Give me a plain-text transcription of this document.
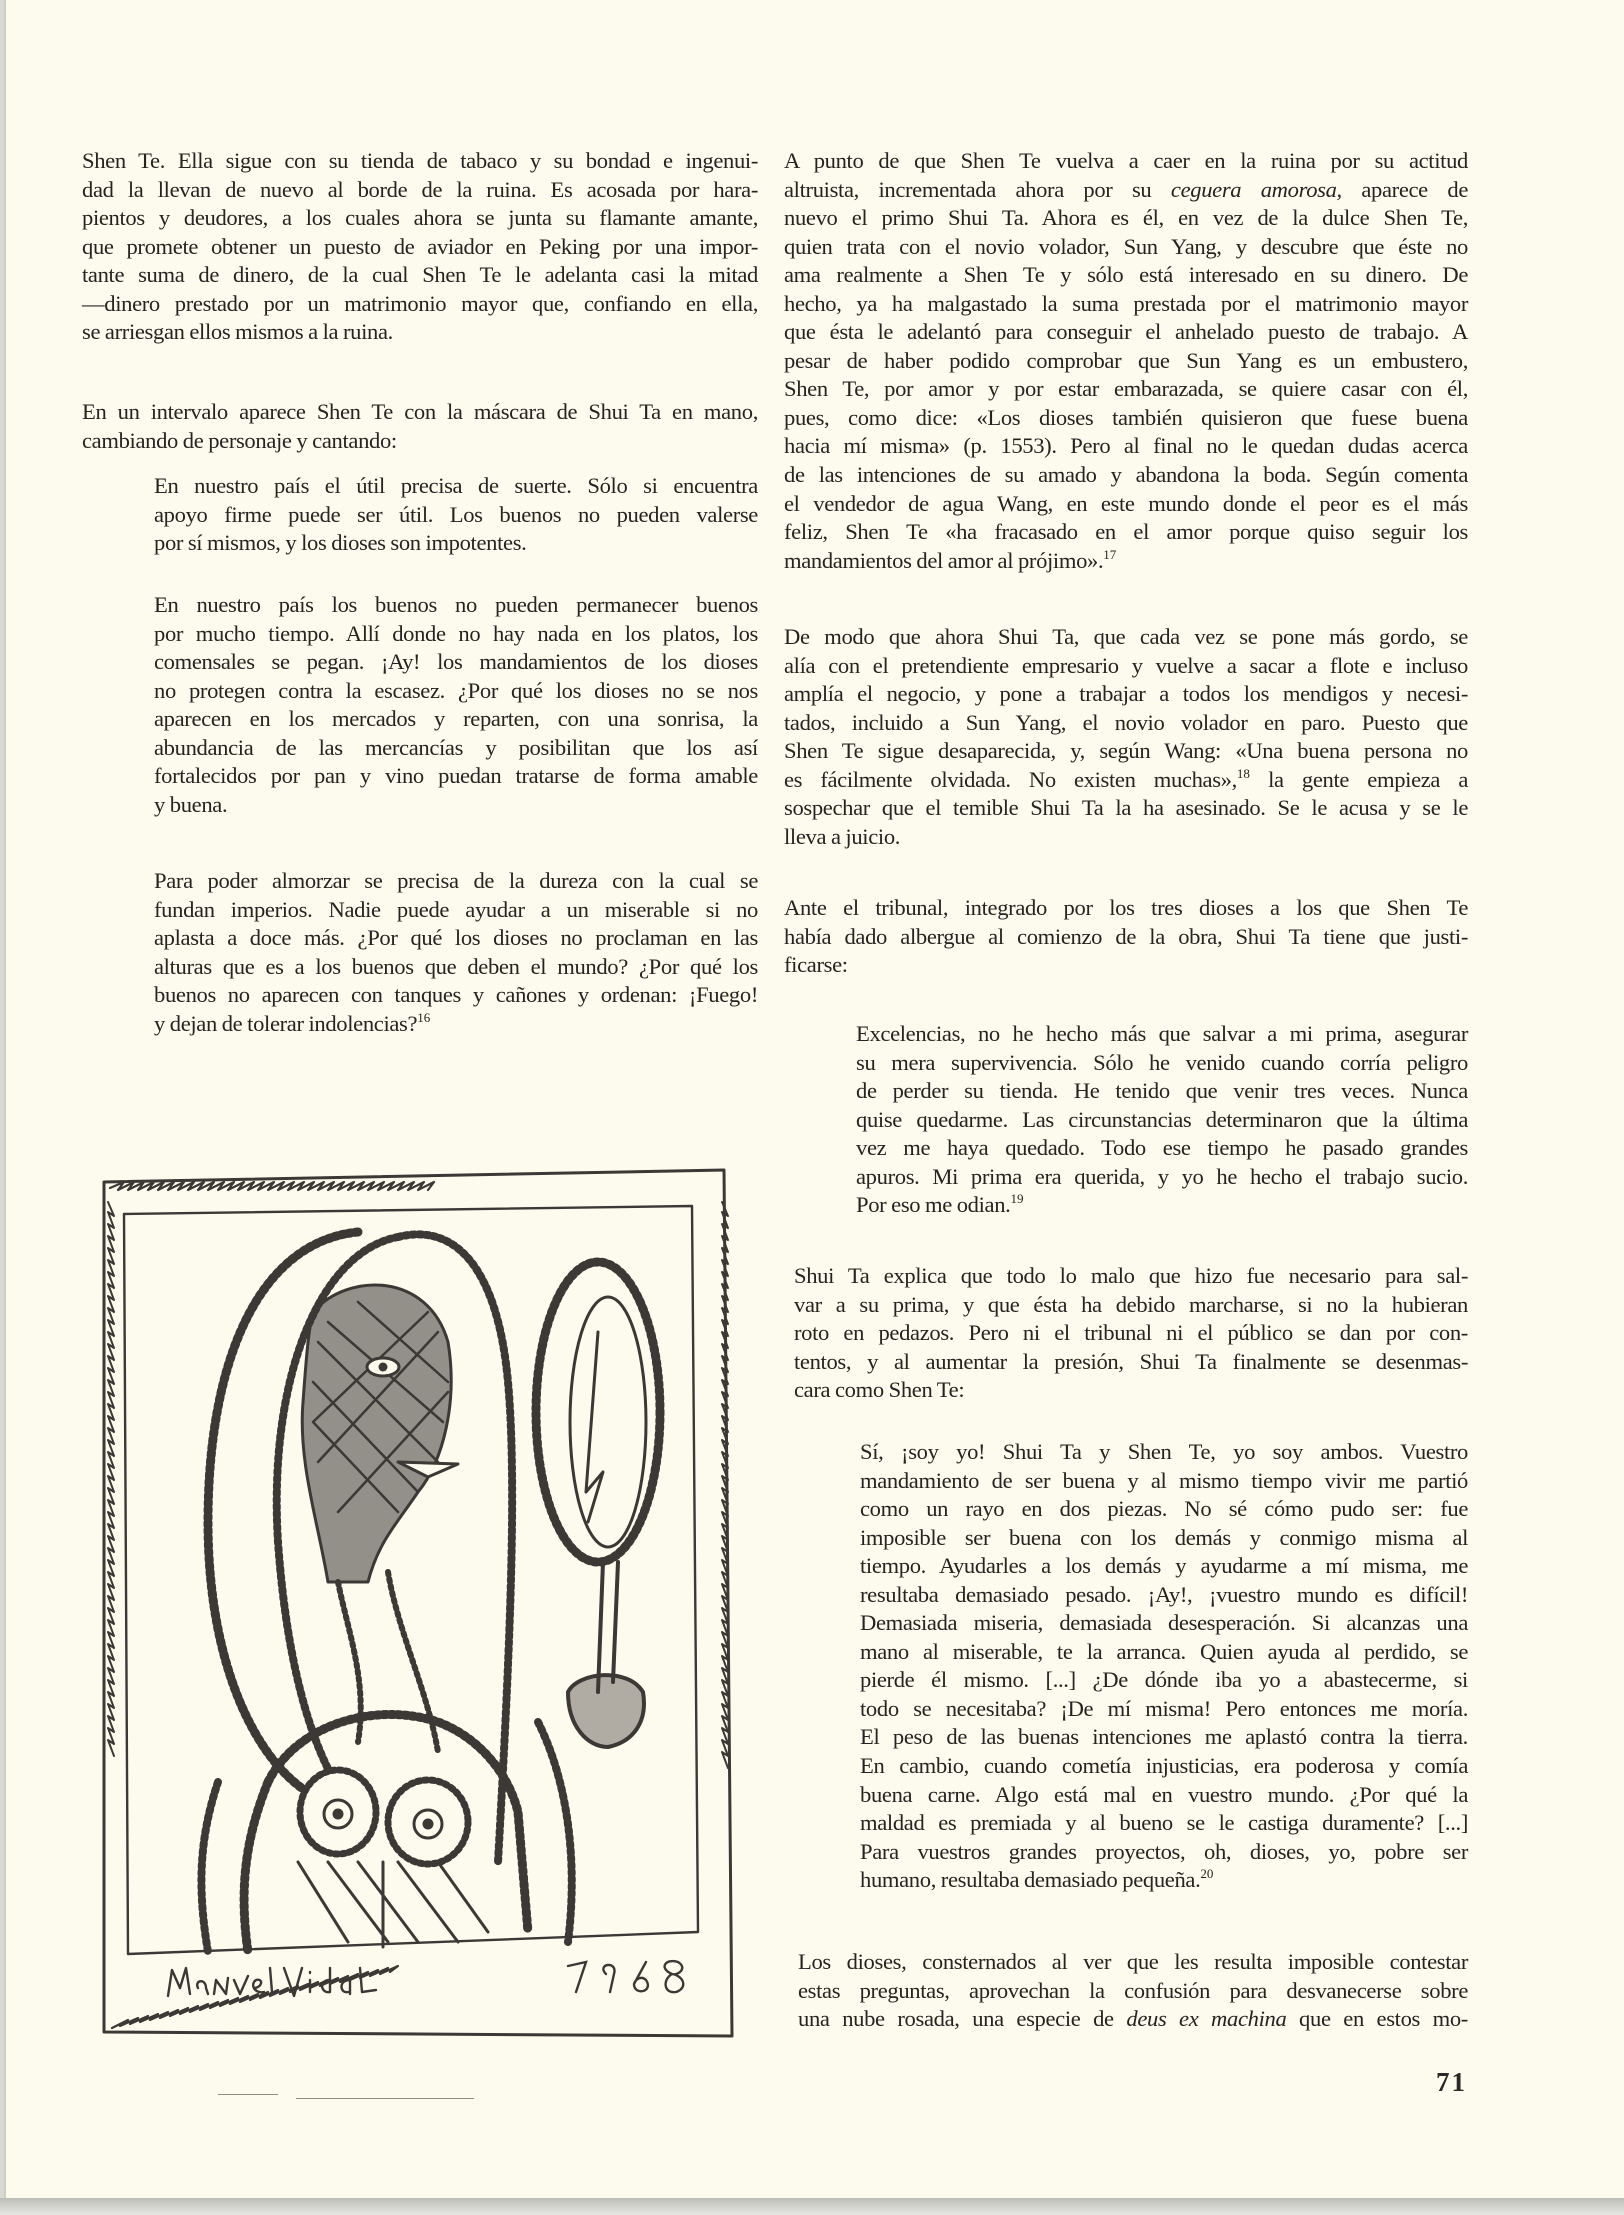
Shen Te. Ella sigue con su tienda de tabaco y su bondad e ingenui-
dad la llevan de nuevo al borde de la ruina. Es acosada por hara-
pientos y deudores, a los cuales ahora se junta su flamante amante,
que promete obtener un puesto de aviador en Peking por una impor-
tante suma de dinero, de la cual Shen Te le adelanta casi la mitad
—dinero prestado por un matrimonio mayor que, confiando en ella,
se arriesgan ellos mismos a la ruina.
En un intervalo aparece Shen Te con la máscara de Shui Ta en mano,
cambiando de personaje y cantando:
En nuestro país el útil precisa de suerte. Sólo si encuentra
apoyo firme puede ser útil. Los buenos no pueden valerse
por sí mismos, y los dioses son impotentes.
En nuestro país los buenos no pueden permanecer buenos
por mucho tiempo. Allí donde no hay nada en los platos, los
comensales se pegan. ¡Ay! los mandamientos de los dioses
no protegen contra la escasez. ¿Por qué los dioses no se nos
aparecen en los mercados y reparten, con una sonrisa, la
abundancia de las mercancías y posibilitan que los así
fortalecidos por pan y vino puedan tratarse de forma amable
y buena.
Para poder almorzar se precisa de la dureza con la cual se
fundan imperios. Nadie puede ayudar a un miserable si no
aplasta a doce más. ¿Por qué los dioses no proclaman en las
alturas que es a los buenos que deben el mundo? ¿Por qué los
buenos no aparecen con tanques y cañones y ordenan: ¡Fuego!
y dejan de tolerar indolencias?$^{16}$
A punto de que Shen Te vuelva a caer en la ruina por su actitud
altruista, incrementada ahora por su ceguera amorosa, aparece de
nuevo el primo Shui Ta. Ahora es él, en vez de la dulce Shen Te,
quien trata con el novio volador, Sun Yang, y descubre que éste no
ama realmente a Shen Te y sólo está interesado en su dinero. De
hecho, ya ha malgastado la suma prestada por el matrimonio mayor
que ésta le adelantó para conseguir el anhelado puesto de trabajo. A
pesar de haber podido comprobar que Sun Yang es un embustero,
Shen Te, por amor y por estar embarazada, se quiere casar con él,
pues, como dice: «Los dioses también quisieron que fuese buena
hacia mí misma» (p. 1553). Pero al final no le quedan dudas acerca
de las intenciones de su amado y abandona la boda. Según comenta
el vendedor de agua Wang, en este mundo donde el peor es el más
feliz, Shen Te «ha fracasado en el amor porque quiso seguir los
mandamientos del amor al prójimo».$^{17}$
De modo que ahora Shui Ta, que cada vez se pone más gordo, se
alía con el pretendiente empresario y vuelve a sacar a flote e incluso
amplía el negocio, y pone a trabajar a todos los mendigos y necesi-
tados, incluido a Sun Yang, el novio volador en paro. Puesto que
Shen Te sigue desaparecida, y, según Wang: «Una buena persona no
es fácilmente olvidada. No existen muchas»,$^{18}$ la gente empieza a
sospechar que el temible Shui Ta la ha asesinado. Se le acusa y se le
lleva a juicio.
Ante el tribunal, integrado por los tres dioses a los que Shen Te
había dado albergue al comienzo de la obra, Shui Ta tiene que justi-
ficarse:
Excelencias, no he hecho más que salvar a mi prima, asegurar
su mera supervivencia. Sólo he venido cuando corría peligro
de perder su tienda. He tenido que venir tres veces. Nunca
quise quedarme. Las circunstancias determinaron que la última
vez me haya quedado. Todo ese tiempo he pasado grandes
apuros. Mi prima era querida, y yo he hecho el trabajo sucio.
Por eso me odian.$^{19}$
Shui Ta explica que todo lo malo que hizo fue necesario para sal-
var a su prima, y que ésta ha debido marcharse, si no la hubieran
roto en pedazos. Pero ni el tribunal ni el público se dan por con-
tentos, y al aumentar la presión, Shui Ta finalmente se desenmas-
cara como Shen Te:
Sí, ¡soy yo! Shui Ta y Shen Te, yo soy ambos. Vuestro
mandamiento de ser buena y al mismo tiempo vivir me partió
como un rayo en dos piezas. No sé cómo pudo ser: fue
imposible ser buena con los demás y conmigo misma al
tiempo. Ayudarles a los demás y ayudarme a mí misma, me
resultaba demasiado pesado. ¡Ay!, ¡vuestro mundo es difícil!
Demasiada miseria, demasiada desesperación. Si alcanzas una
mano al miserable, te la arranca. Quien ayuda al perdido, se
pierde él mismo. [...] ¿De dónde iba yo a abastecerme, si
todo se necesitaba? ¡De mí misma! Pero entonces me moría.
El peso de las buenas intenciones me aplastó contra la tierra.
En cambio, cuando cometía injusticias, era poderosa y comía
buena carne. Algo está mal en vuestro mundo. ¿Por qué la
maldad es premiada y al bueno se le castiga duramente? [...]
Para vuestros grandes proyectos, oh, dioses, yo, pobre ser
humano, resultaba demasiado pequeña.$^{20}$
Los dioses, consternados al ver que les resulta imposible contestar
estas preguntas, aprovechan la confusión para desvanecerse sobre
una nube rosada, una especie de deus ex machina que en estos mo-
71
